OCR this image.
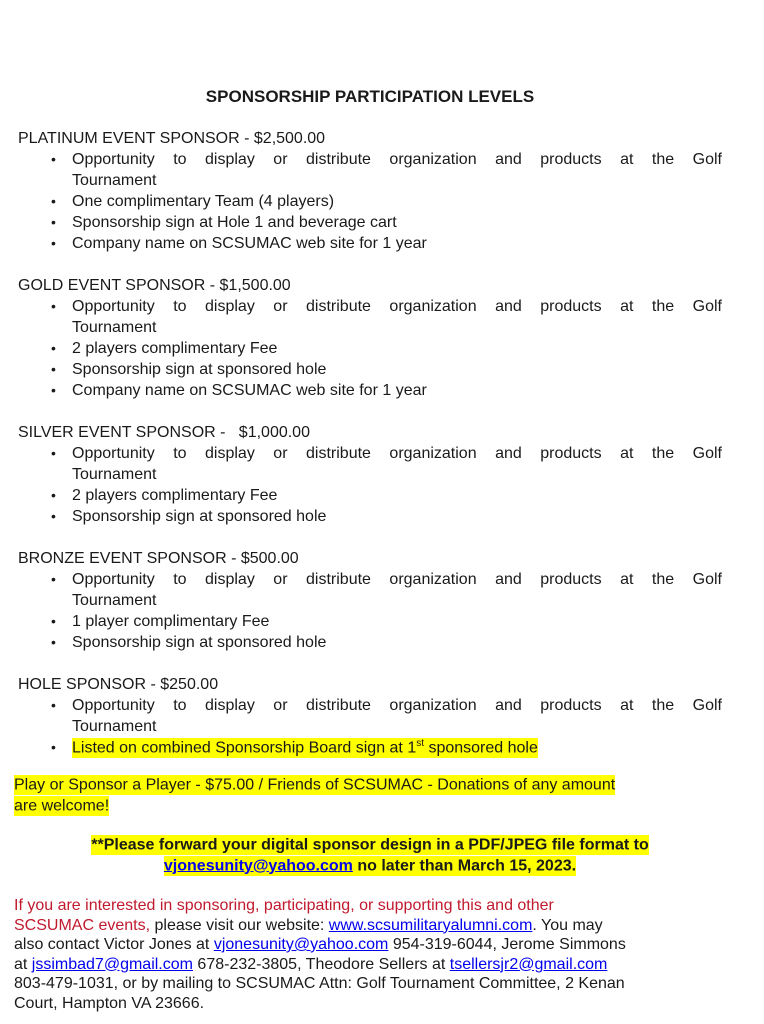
SPONSORSHIP PARTICIPATION LEVELS
PLATINUM EVENT SPONSOR - $2,500.00
•	Opportunity to display or distribute organization and products at the Golf
Tournament
•	One complimentary Team (4 players)
•	Sponsorship sign at Hole 1 and beverage cart
•	Company name on SCSUMAC web site for 1 year
GOLD EVENT SPONSOR - $1,500.00
•	Opportunity to display or distribute organization and products at the Golf
Tournament
•	2 players complimentary Fee
•	Sponsorship sign at sponsored hole
•	Company name on SCSUMAC web site for 1 year
SILVER EVENT SPONSOR -   $1,000.00
•	Opportunity to display or distribute organization and products at the Golf
Tournament
•	2 players complimentary Fee
•	Sponsorship sign at sponsored hole
BRONZE EVENT SPONSOR - $500.00
•	Opportunity to display or distribute organization and products at the Golf
Tournament
•	1 player complimentary Fee
•	Sponsorship sign at sponsored hole
HOLE SPONSOR - $250.00
•	Opportunity to display or distribute organization and products at the Golf
Tournament
•	Listed on combined Sponsorship Board sign at 1st sponsored hole
Play or Sponsor a Player - $75.00 / Friends of SCSUMAC - Donations of any amount
are welcome!
**Please forward your digital sponsor design in a PDF/JPEG file format to
vjonesunity@yahoo.com no later than March 15, 2023.
If you are interested in sponsoring, participating, or supporting this and other
SCSUMAC events, please visit our website: www.scsumilitaryalumni.com. You may
also contact Victor Jones at vjonesunity@yahoo.com 954-319-6044, Jerome Simmons
at jssimbad7@gmail.com 678-232-3805, Theodore Sellers at tsellersjr2@gmail.com
803-479-1031, or by mailing to SCSUMAC Attn: Golf Tournament Committee, 2 Kenan
Court, Hampton VA 23666.
